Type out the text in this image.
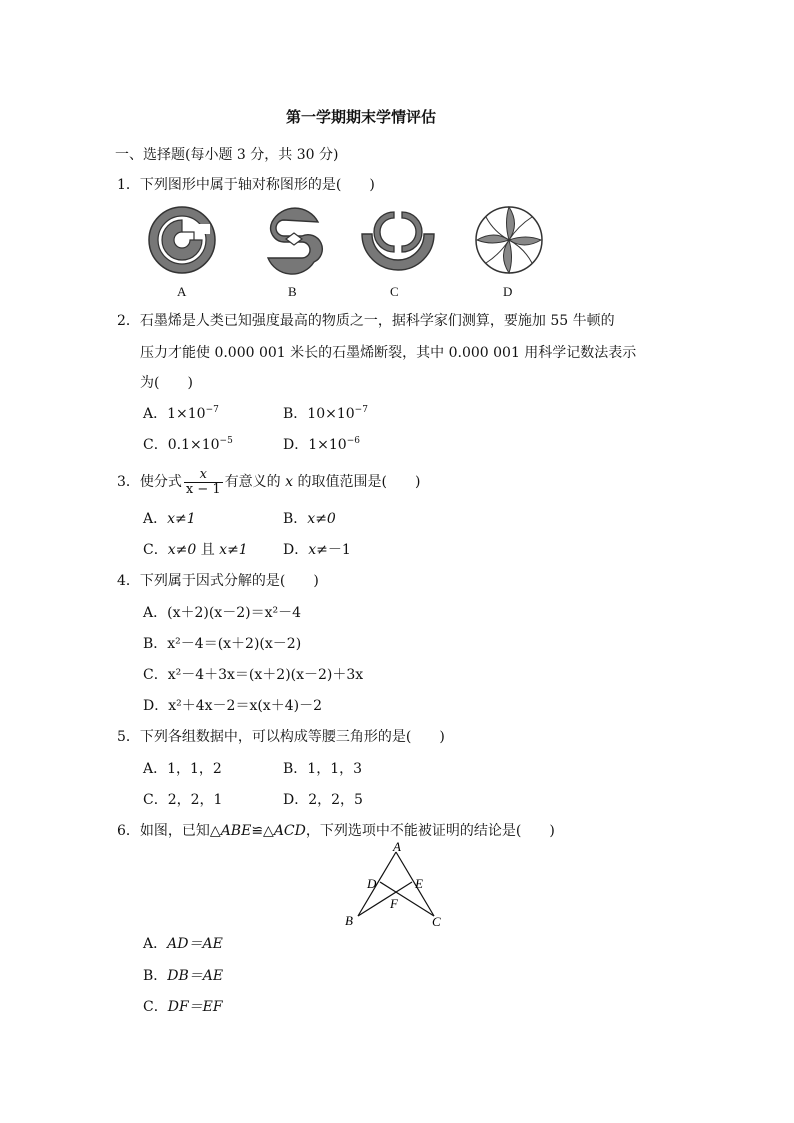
第一学期期末学情评估
一、选择题(每小题 3 分，共 30 分)
1．下列图形中属于轴对称图形的是(　　)
A	B	C	D
2．石墨烯是人类已知强度最高的物质之一，据科学家们测算，要施加 55 牛顿的
压力才能使 0.000 001 米长的石墨烯断裂，其中 0.000 001 用科学记数法表示
为(　　)
A．$1\times 10^{-7}$	B．$10\times 10^{-7}$
C．$0.1\times 10^{-5}$	D．$1\times 10^{-6}$
3．使分式 $\frac{x}{x - 1}$ 有意义的 x 的取值范围是(　　)
A．x≠1	B．x≠0
C．x≠0 且 x≠1	D．x≠－1
4．下列属于因式分解的是(　　)
A．(x＋2)(x－2)＝x²－4
B．x²－4＝(x＋2)(x－2)
C．x²－4＋3x＝(x＋2)(x－2)＋3x
D．x²＋4x－2＝x(x＋4)－2
5．下列各组数据中，可以构成等腰三角形的是(　　)
A．1，1，2	B．1，1，3
C．2，2，1	D．2，2，5
6．如图，已知△ABE≌△ACD，下列选项中不能被证明的结论是(　　)
A
B	C
D	E
F
A．AD＝AE
B．DB＝AE
C．DF＝EF
